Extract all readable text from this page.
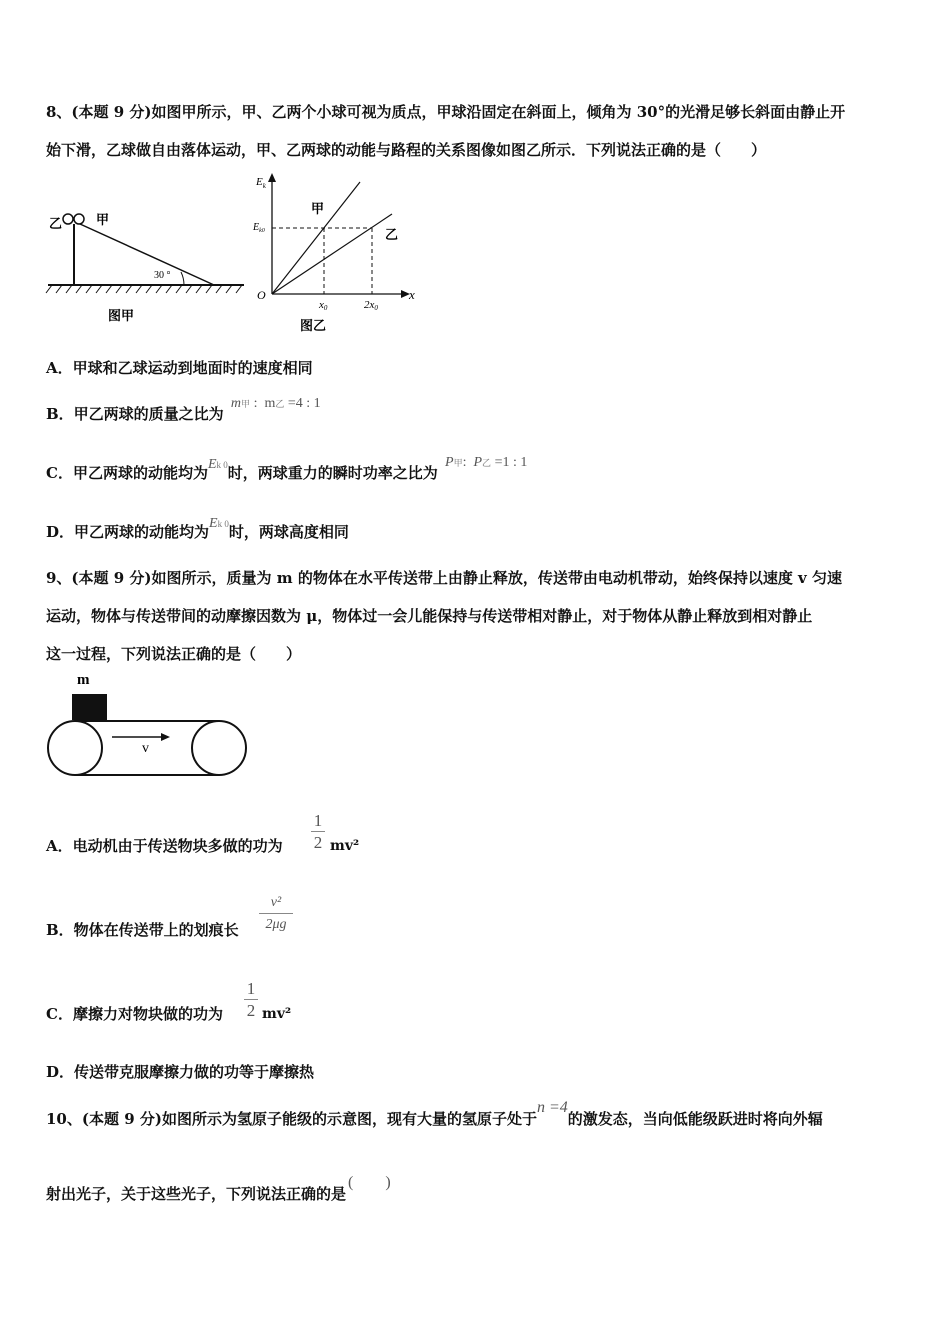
8、(本题 9 分)如图甲所示，甲、乙两个小球可视为质点，甲球沿固定在斜面上，倾角为 30°的光滑足够长斜面由静止开
始下滑，乙球做自由落体运动，甲、乙两球的动能与路程的关系图像如图乙所示．下列说法正确的是（　　）
乙	甲
30 °
图甲
$E_k$
$E_{k0}$
O	x
x0	2x0
甲
乙
图乙
A．甲球和乙球运动到地面时的速度相同
B．甲乙两球的质量之比为 m甲 : m乙 =4 : 1
C．甲乙两球的动能均为Ek 0时，两球重力的瞬时功率之比为 P甲: P乙 =1 : 1
D．甲乙两球的动能均为Ek 0时，两球高度相同
9、(本题 9 分)如图所示，质量为 m 的物体在水平传送带上由静止释放，传送带由电动机带动，始终保持以速度 v 匀速
运动，物体与传送带间的动摩擦因数为 μ，物体过一会儿能保持与传送带相对静止，对于物体从静止释放到相对静止
这一过程，下列说法正确的是（　　）
m
v
A．电动机由于传送物块多做的功为 $\frac{1}{2} mv^2$
B．物体在传送带上的划痕长 $\frac{\text{v²}}{2\mu g}$
C．摩擦力对物块做的功为 $\frac{1}{2} mv^2$
D．传送带克服摩擦力做的功等于摩擦热
10、(本题 9 分)如图所示为氢原子能级的示意图，现有大量的氢原子处于n =4的激发态，当向低能级跃进时将向外辐
射出光子，关于这些光子，下列说法正确的是(　　)
